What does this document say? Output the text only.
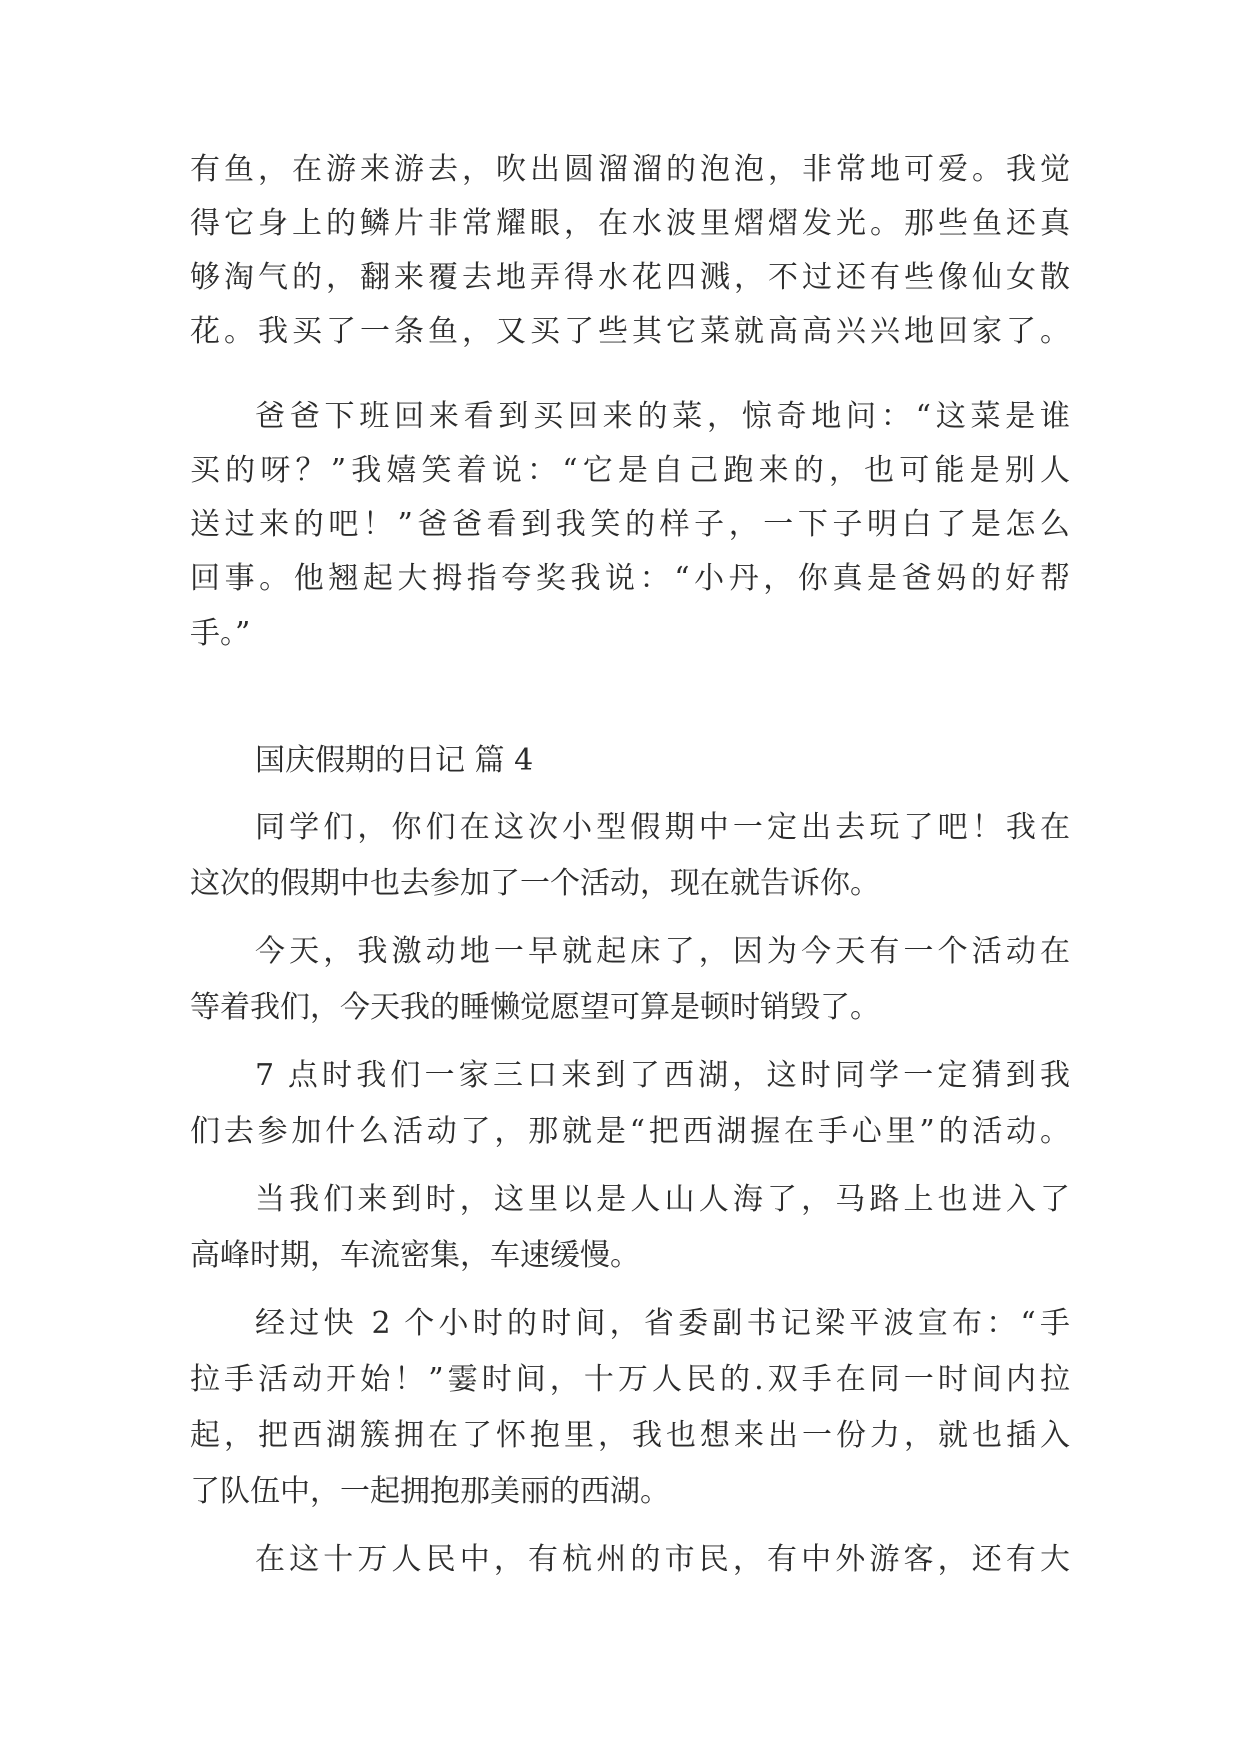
有鱼，在游来游去，吹出圆溜溜的泡泡，非常地可爱。我觉
得它身上的鳞片非常耀眼，在水波里熠熠发光。那些鱼还真
够淘气的，翻来覆去地弄得水花四溅，不过还有些像仙女散
花。我买了一条鱼，又买了些其它菜就高高兴兴地回家了。
爸爸下班回来看到买回来的菜，惊奇地问：“这菜是谁
买的呀？”我嬉笑着说：“它是自己跑来的，也可能是别人
送过来的吧！”爸爸看到我笑的样子，一下子明白了是怎么
回事。他翘起大拇指夸奖我说：“小丹，你真是爸妈的好帮
手。”
国庆假期的日记 篇 4
同学们，你们在这次小型假期中一定出去玩了吧！我在
这次的假期中也去参加了一个活动，现在就告诉你。
今天，我激动地一早就起床了，因为今天有一个活动在
等着我们，今天我的睡懒觉愿望可算是顿时销毁了。
7 点时我们一家三口来到了西湖，这时同学一定猜到我
们去参加什么活动了，那就是“把西湖握在手心里”的活动。
当我们来到时，这里以是人山人海了，马路上也进入了
高峰时期，车流密集，车速缓慢。
经过快 2 个小时的时间，省委副书记梁平波宣布：“手
拉手活动开始！”霎时间，十万人民的.双手在同一时间内拉
起，把西湖簇拥在了怀抱里，我也想来出一份力，就也插入
了队伍中，一起拥抱那美丽的西湖。
在这十万人民中，有杭州的市民，有中外游客，还有大
